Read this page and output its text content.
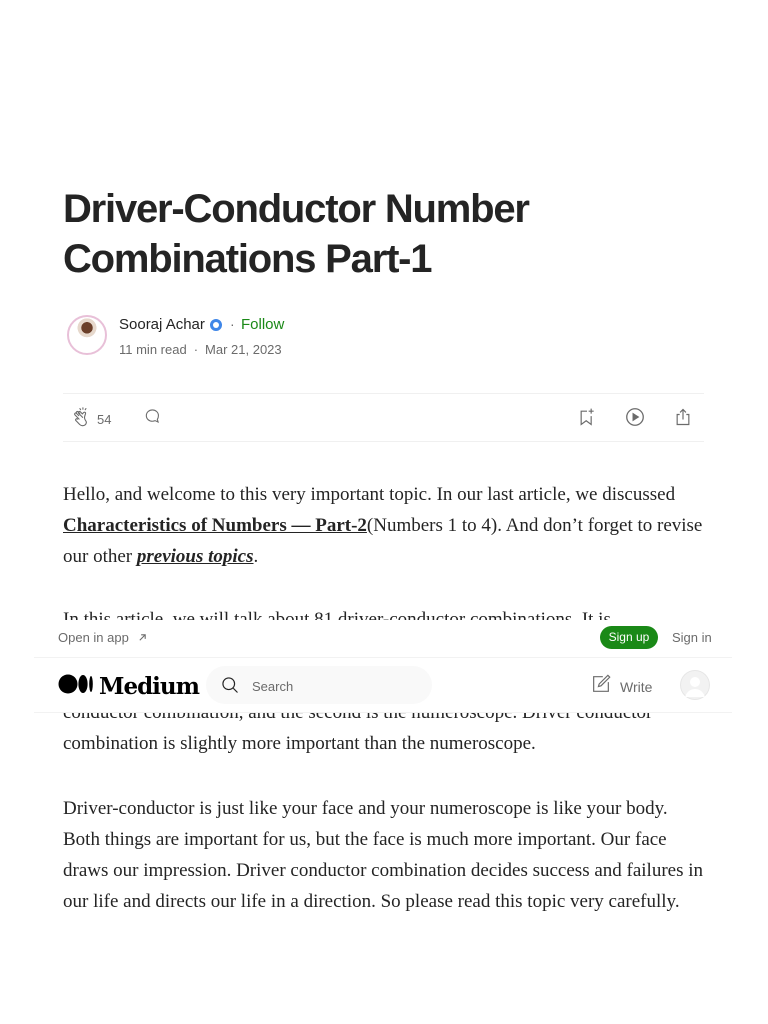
Driver-Conductor Number Combinations Part-1
Sooraj Achar · Follow
11 min read · Mar 21, 2023
54

Hello, and welcome to this very important topic. In our last article, we discussed Characteristics of Numbers — Part-2(Numbers 1 to 4). And don’t forget to revise our other previous topics.

combination is slightly more important than the numeroscope.

Driver-conductor is just like your face and your numeroscope is like your body. Both things are important for us, but the face is much more important. Our face draws our impression. Driver conductor combination decides success and failures in our life and directs our life in a direction. So please read this topic very carefully.

Open in app	Sign up	Sign in
Medium
Search	Write
